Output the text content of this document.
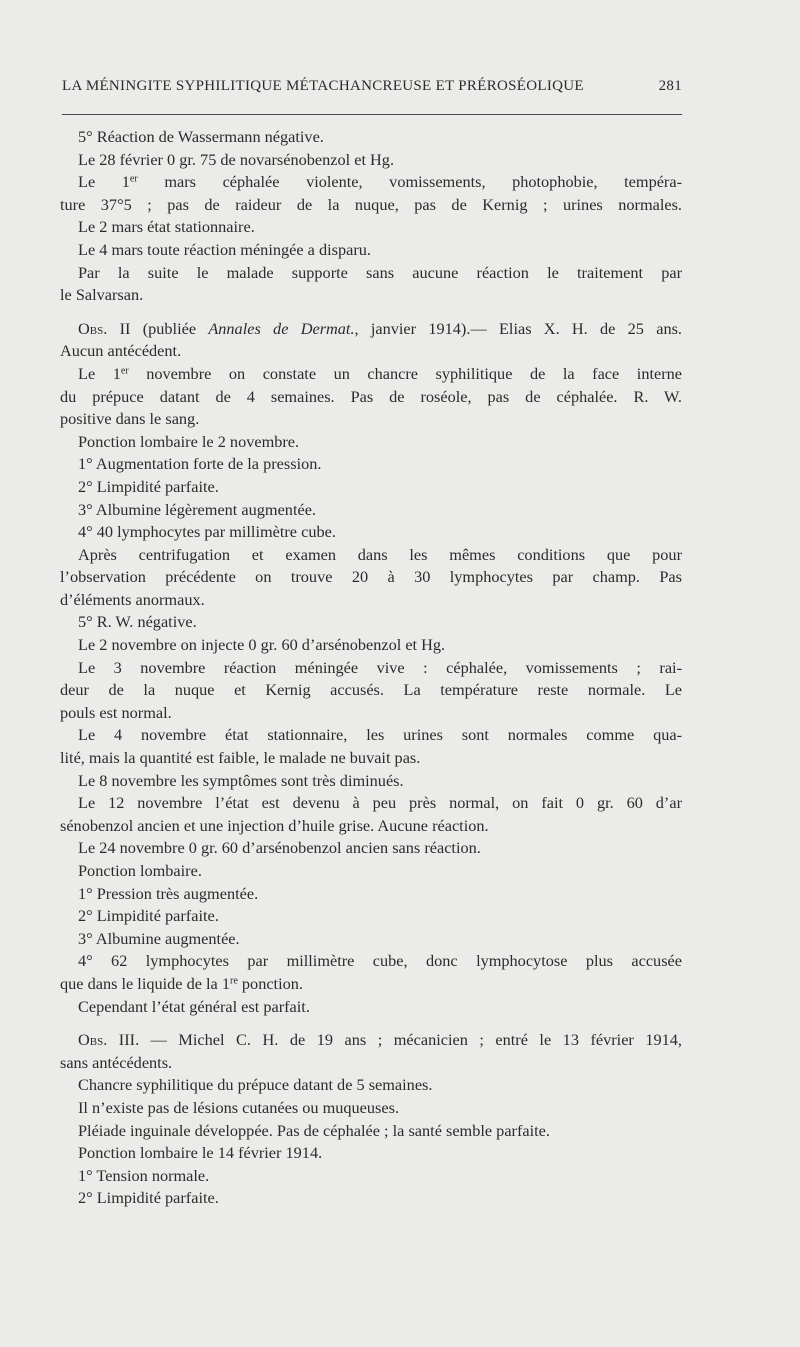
LA MÉNINGITE SYPHILITIQUE MÉTACHANCREUSE ET PRÉROSÉOLIQUE	281
5° Réaction de Wassermann négative.
Le 28 février 0 gr. 75 de novarsénobenzol et Hg.
Le 1er mars céphalée violente, vomissements, photophobie, tempéra-
ture 37°5 ; pas de raideur de la nuque, pas de Kernig ; urines normales.
Le 2 mars état stationnaire.
Le 4 mars toute réaction méningée a disparu.
Par la suite le malade supporte sans aucune réaction le traitement par
le Salvarsan.
Obs. II (publiée Annales de Dermat., janvier 1914).— Elias X. H. de 25 ans.
Aucun antécédent.
Le 1er novembre on constate un chancre syphilitique de la face interne
du prépuce datant de 4 semaines. Pas de roséole, pas de céphalée. R. W.
positive dans le sang.
Ponction lombaire le 2 novembre.
1° Augmentation forte de la pression.
2° Limpidité parfaite.
3° Albumine légèrement augmentée.
4° 40 lymphocytes par millimètre cube.
Après centrifugation et examen dans les mêmes conditions que pour
l’observation précédente on trouve 20 à 30 lymphocytes par champ. Pas
d’éléments anormaux.
5° R. W. négative.
Le 2 novembre on injecte 0 gr. 60 d’arsénobenzol et Hg.
Le 3 novembre réaction méningée vive : céphalée, vomissements ; rai-
deur de la nuque et Kernig accusés. La température reste normale. Le
pouls est normal.
Le 4 novembre état stationnaire, les urines sont normales comme qua-
lité, mais la quantité est faible, le malade ne buvait pas.
Le 8 novembre les symptômes sont très diminués.
Le 12 novembre l’état est devenu à peu près normal, on fait 0 gr. 60 d’ar
sénobenzol ancien et une injection d’huile grise. Aucune réaction.
Le 24 novembre 0 gr. 60 d’arsénobenzol ancien sans réaction.
Ponction lombaire.
1° Pression très augmentée.
2° Limpidité parfaite.
3° Albumine augmentée.
4° 62 lymphocytes par millimètre cube, donc lymphocytose plus accusée
que dans le liquide de la 1re ponction.
Cependant l’état général est parfait.
Obs. III. — Michel C. H. de 19 ans ; mécanicien ; entré le 13 février 1914,
sans antécédents.
Chancre syphilitique du prépuce datant de 5 semaines.
Il n’existe pas de lésions cutanées ou muqueuses.
Pléiade inguinale développée. Pas de céphalée ; la santé semble parfaite.
Ponction lombaire le 14 février 1914.
1° Tension normale.
2° Limpidité parfaite.
